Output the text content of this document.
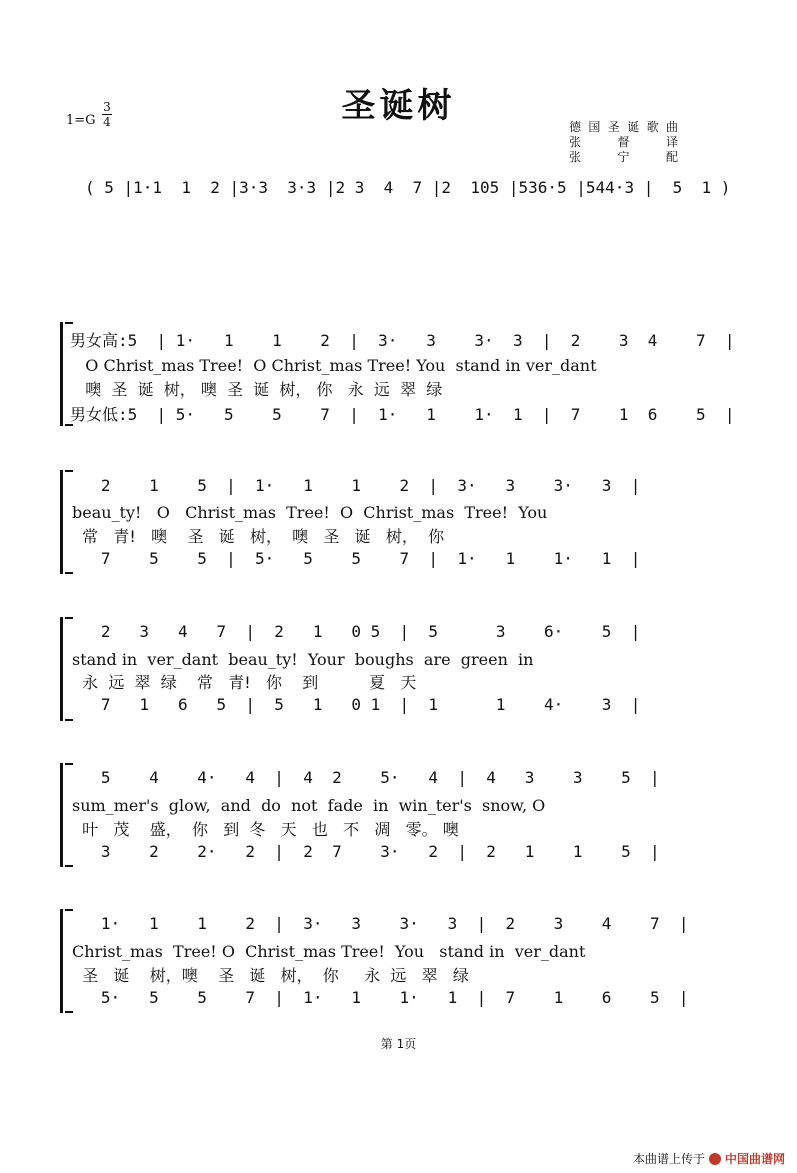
圣诞树
1=G
3
4	德国圣诞歌曲
张 督 译
张 宁 配
( 5 |1·1  1  2 |3·3  3·3 |2 3  4  7 |2  105 |536·5 |544·3 |  5  1 )
男女高:5  | 1·   1    1    2  |  3·   3    3·  3  |  2    3  4    7  |
O Christ_mas Tree!  O Christ_mas Tree! You  stand in ver_dant
噢  圣  诞  树， 噢  圣  诞  树， 你   永  远  翠  绿
男女低:5  | 5·   5    5    7  |  1·   1    1·  1  |  7    1  6    5  |
2    1    5  |  1·   1    1    2  |  3·   3    3·   3  |
beau_ty!   O   Christ_mas  Tree!  O  Christ_mas  Tree!  You
常   青!   噢    圣   诞   树，  噢   圣   诞   树，  你
7    5    5  |  5·   5    5    7  |  1·   1    1·   1  |
2   3   4   7  |  2   1   0 5  |  5      3    6·    5  |
stand in  ver_dant  beau_ty!  Your  boughs  are  green  in
永  远  翠  绿    常   青!   你    到          夏   天
7   1   6   5  |  5   1   0 1  |  1      1    4·    3  |
5    4    4·   4  |  4  2    5·   4  |  4   3    3    5  |
sum_mer's  glow,  and  do  not  fade  in  win_ter's  snow, O
叶   茂    盛，  你   到  冬   天   也   不   凋   零。 噢
3    2    2·   2  |  2  7    3·   2  |  2   1    1    5  |
1·   1    1    2  |  3·   3    3·   3  |  2    3    4    7  |
Christ_mas  Tree! O  Christ_mas Tree!  You   stand in  ver_dant
圣   诞    树，噢    圣   诞   树，  你     永  远   翠   绿
5·   5    5    7  |  1·   1    1·   1  |  7    1    6    5  |
第 1页
本曲谱上传于 中国曲谱网
